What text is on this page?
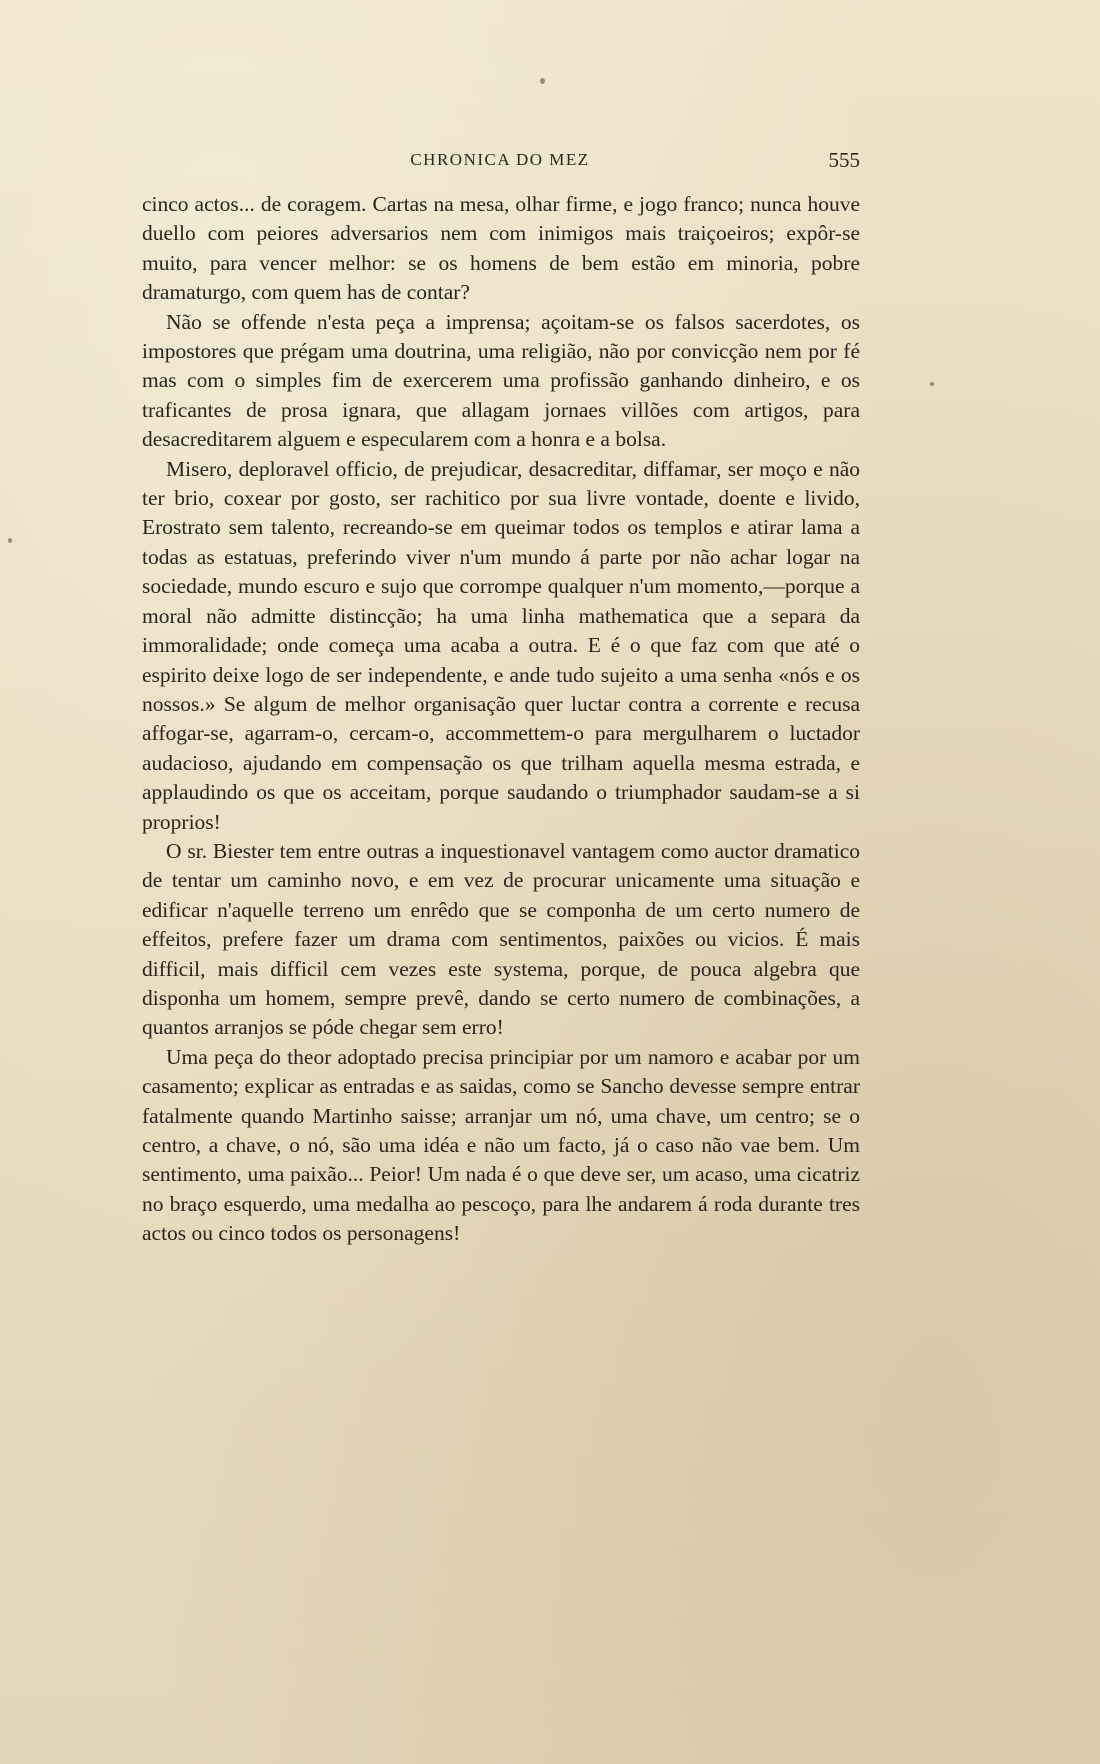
CHRONICA DO MEZ	555

cinco actos... de coragem. Cartas na mesa, olhar firme, e jogo franco; nunca houve duello com peiores adversarios nem com inimigos mais traiçoeiros; expôr-se muito, para vencer melhor: se os homens de bem estão em minoria, pobre dramaturgo, com quem has de contar?

Não se offende n'esta peça a imprensa; açoitam-se os falsos sacerdotes, os impostores que prégam uma doutrina, uma religião, não por convicção nem por fé mas com o simples fim de exercerem uma profissão ganhando dinheiro, e os traficantes de prosa ignara, que allagam jornaes villões com artigos, para desacreditarem alguem e especularem com a honra e a bolsa.

Misero, deploravel officio, de prejudicar, desacreditar, diffamar, ser moço e não ter brio, coxear por gosto, ser rachitico por sua livre vontade, doente e livido, Erostrato sem talento, recreando-se em queimar todos os templos e atirar lama a todas as estatuas, preferindo viver n'um mundo á parte por não achar logar na sociedade, mundo escuro e sujo que corrompe qualquer n'um momento,—porque a moral não admitte distincção; ha uma linha mathematica que a separa da immoralidade; onde começa uma acaba a outra. E é o que faz com que até o espirito deixe logo de ser independente, e ande tudo sujeito a uma senha «nós e os nossos.» Se algum de melhor organisação quer luctar contra a corrente e recusa affogar-se, agarram-o, cercam-o, accommettem-o para mergulharem o luctador audacioso, ajudando em compensação os que trilham aquella mesma estrada, e applaudindo os que os acceitam, porque saudando o triumphador saudam-se a si proprios!

O sr. Biester tem entre outras a inquestionavel vantagem como auctor dramatico de tentar um caminho novo, e em vez de procurar unicamente uma situação e edificar n'aquelle terreno um enrêdo que se componha de um certo numero de effeitos, prefere fazer um drama com sentimentos, paixões ou vicios. É mais difficil, mais difficil cem vezes este systema, porque, de pouca algebra que disponha um homem, sempre prevê, dando se certo numero de combinações, a quantos arranjos se póde chegar sem erro!

Uma peça do theor adoptado precisa principiar por um namoro e acabar por um casamento; explicar as entradas e as saidas, como se Sancho devesse sempre entrar fatalmente quando Martinho saisse; arranjar um nó, uma chave, um centro; se o centro, a chave, o nó, são uma idéa e não um facto, já o caso não vae bem. Um sentimento, uma paixão... Peior! Um nada é o que deve ser, um acaso, uma cicatriz no braço esquerdo, uma medalha ao pescoço, para lhe andarem á roda durante tres actos ou cinco todos os personagens!
